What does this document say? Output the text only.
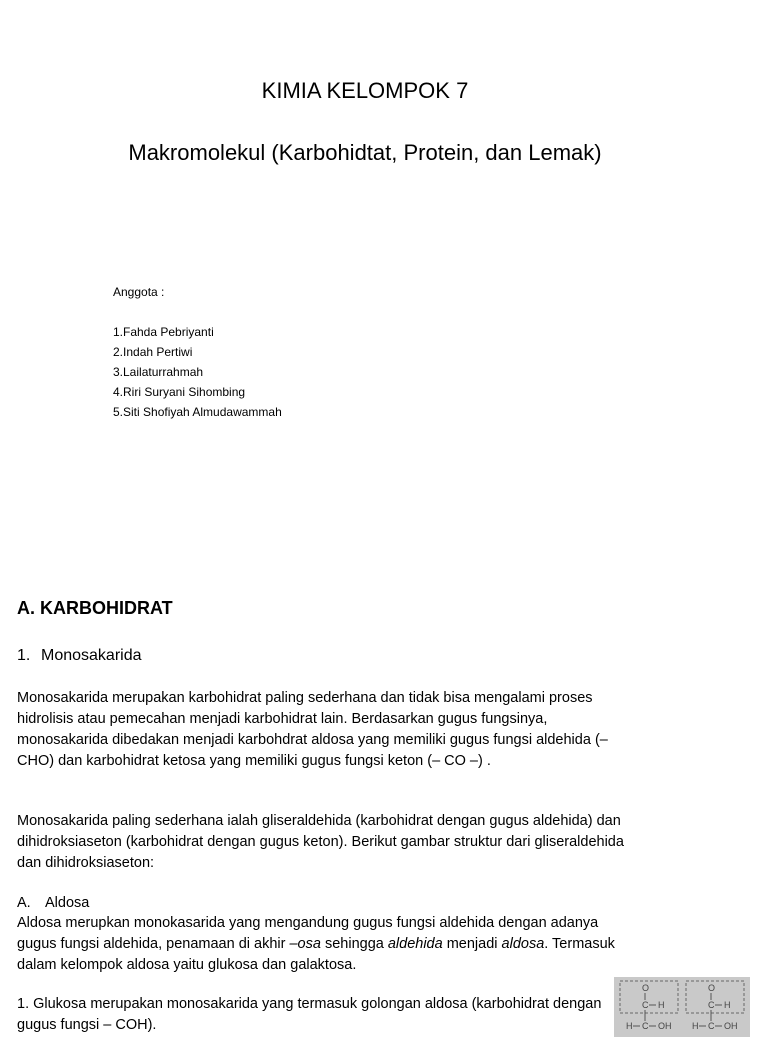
KIMIA KELOMPOK 7
Makromolekul (Karbohidtat, Protein, dan Lemak)
Anggota :
1.Fahda Pebriyanti
2.Indah Pertiwi
3.Lailaturrahmah
4.Riri Suryani Sihombing
5.Siti Shofiyah Almudawammah
A. KARBOHIDRAT
1. Monosakarida
Monosakarida merupakan karbohidrat paling sederhana dan tidak bisa mengalami proses hidrolisis atau pemecahan menjadi karbohidrat lain. Berdasarkan gugus fungsinya, monosakarida dibedakan menjadi karbohdrat aldosa yang memiliki gugus fungsi aldehida (– CHO) dan karbohidrat ketosa yang memiliki gugus fungsi keton (– CO –) .
Monosakarida paling sederhana ialah gliseraldehida (karbohidrat dengan gugus aldehida) dan dihidroksiaseton (karbohidrat dengan gugus keton). Berikut gambar struktur dari gliseraldehida dan dihidroksiaseton:
A. Aldosa
Aldosa merupkan monokasarida yang mengandung gugus fungsi aldehida dengan adanya gugus fungsi aldehida, penamaan di akhir –osa sehingga aldehida menjadi aldosa. Termasuk dalam kelompok aldosa yaitu glukosa dan galaktosa.
1. Glukosa merupakan monosakarida yang termasuk golongan aldosa (karbohidrat dengan gugus fungsi – COH).
O
C H
H C OH
O
C H
H C OH
